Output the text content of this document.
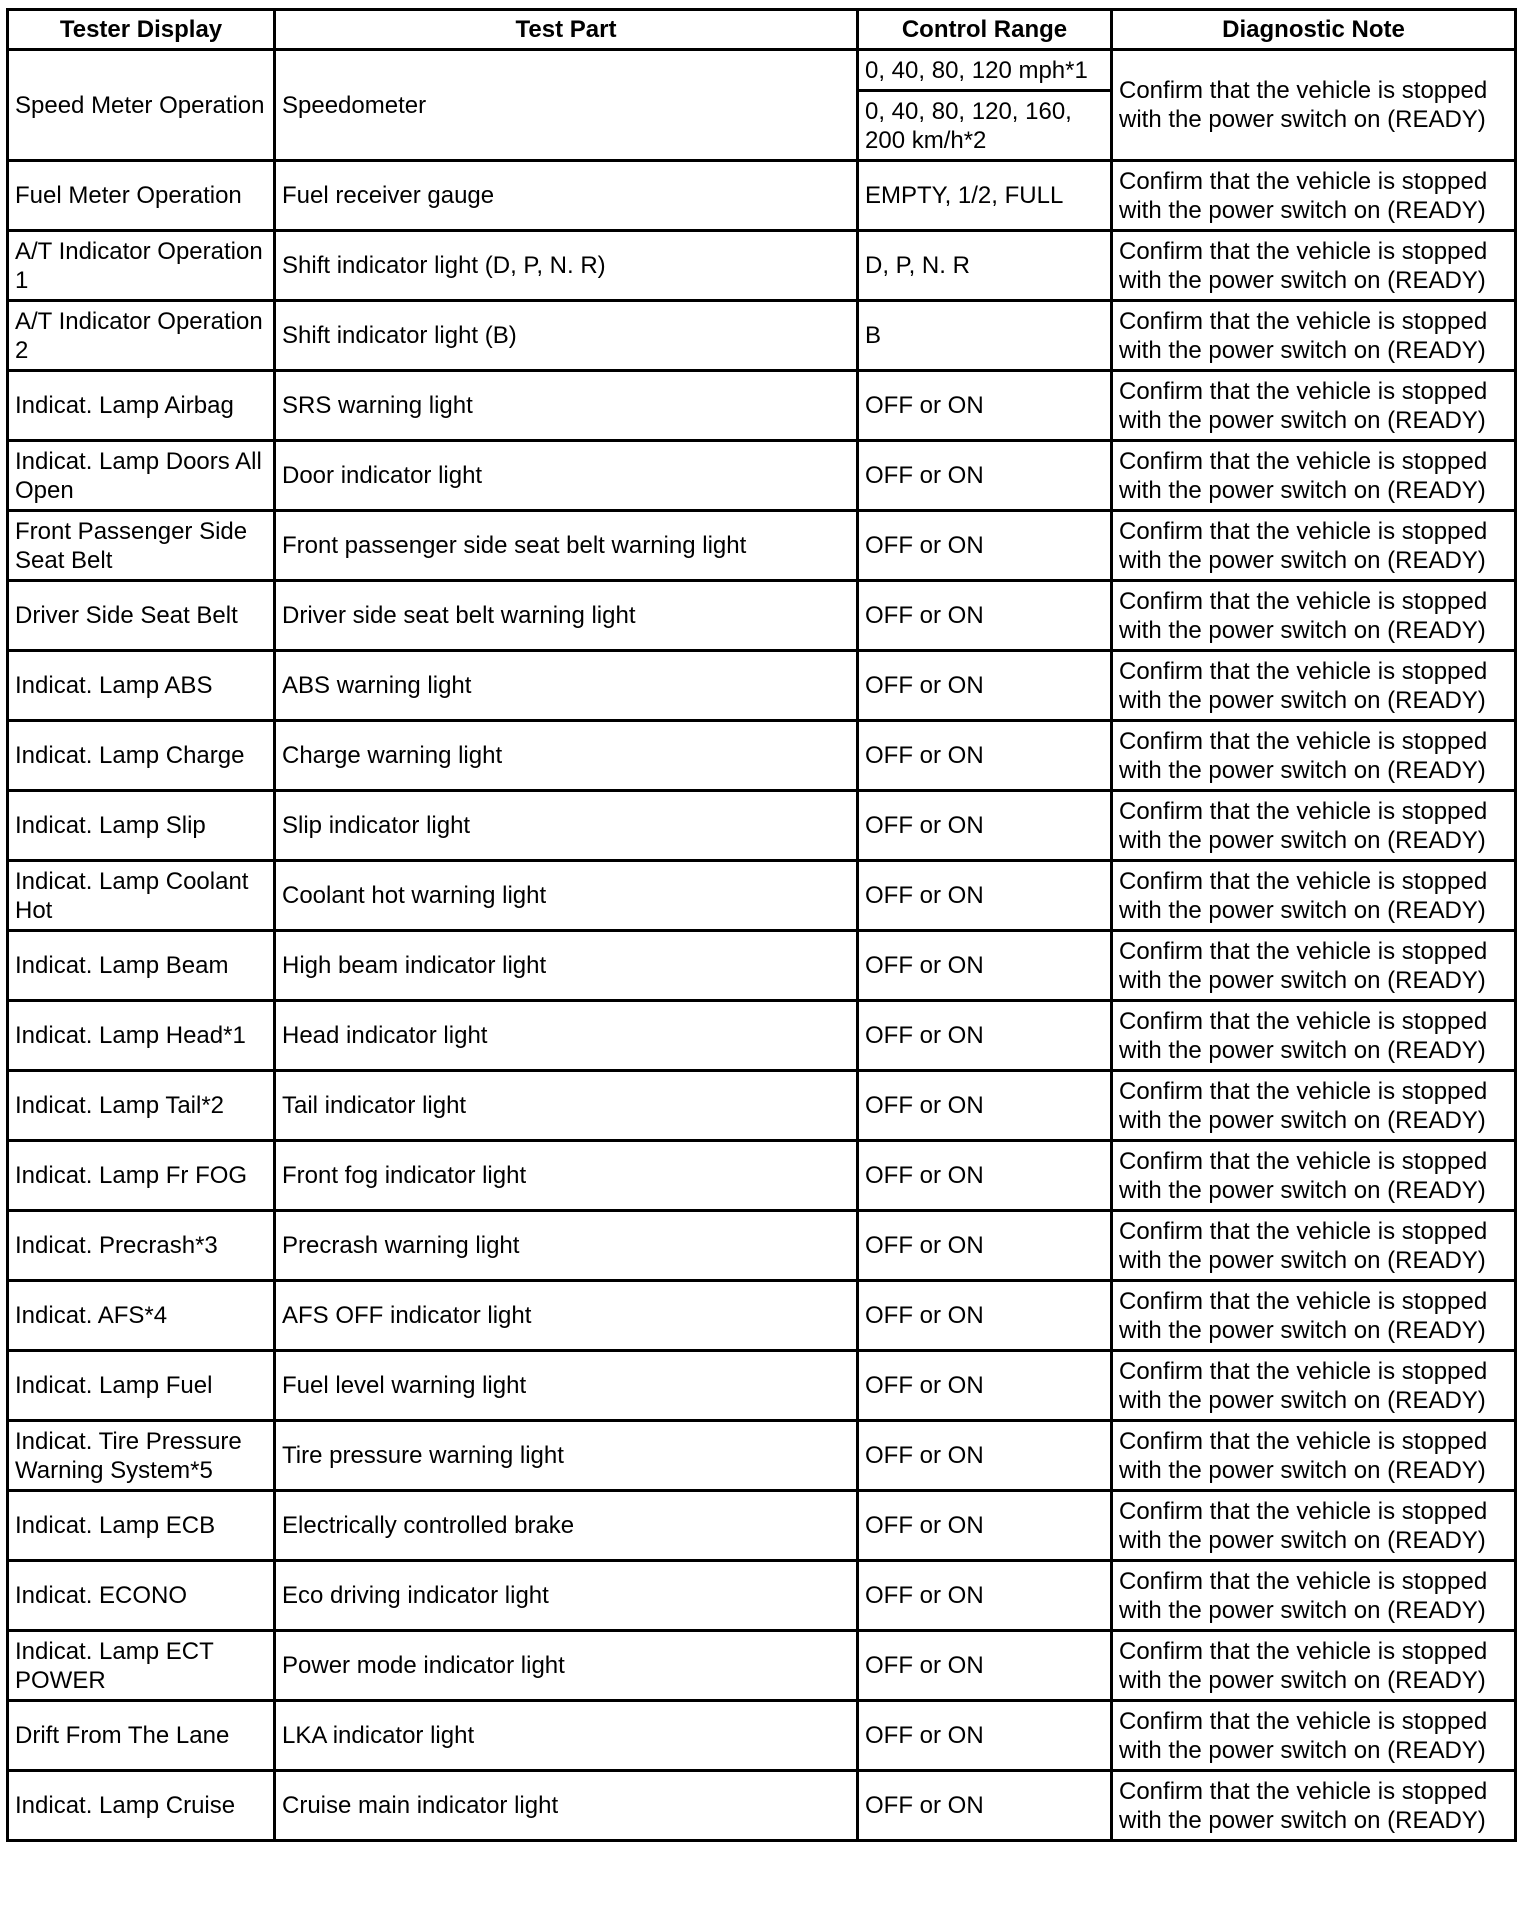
Tester Display	Test Part	Control Range	Diagnostic Note
Speed Meter Operation	Speedometer	0, 40, 80, 120 mph*1	Confirm that the vehicle is stopped with the power switch on (READY)
		0, 40, 80, 120, 160, 200 km/h*2	
Fuel Meter Operation	Fuel receiver gauge	EMPTY, 1/2, FULL	Confirm that the vehicle is stopped with the power switch on (READY)
A/T Indicator Operation 1	Shift indicator light (D, P, N. R)	D, P, N. R	Confirm that the vehicle is stopped with the power switch on (READY)
A/T Indicator Operation 2	Shift indicator light (B)	B	Confirm that the vehicle is stopped with the power switch on (READY)
Indicat. Lamp Airbag	SRS warning light	OFF or ON	Confirm that the vehicle is stopped with the power switch on (READY)
Indicat. Lamp Doors All Open	Door indicator light	OFF or ON	Confirm that the vehicle is stopped with the power switch on (READY)
Front Passenger Side Seat Belt	Front passenger side seat belt warning light	OFF or ON	Confirm that the vehicle is stopped with the power switch on (READY)
Driver Side Seat Belt	Driver side seat belt warning light	OFF or ON	Confirm that the vehicle is stopped with the power switch on (READY)
Indicat. Lamp ABS	ABS warning light	OFF or ON	Confirm that the vehicle is stopped with the power switch on (READY)
Indicat. Lamp Charge	Charge warning light	OFF or ON	Confirm that the vehicle is stopped with the power switch on (READY)
Indicat. Lamp Slip	Slip indicator light	OFF or ON	Confirm that the vehicle is stopped with the power switch on (READY)
Indicat. Lamp Coolant Hot	Coolant hot warning light	OFF or ON	Confirm that the vehicle is stopped with the power switch on (READY)
Indicat. Lamp Beam	High beam indicator light	OFF or ON	Confirm that the vehicle is stopped with the power switch on (READY)
Indicat. Lamp Head*1	Head indicator light	OFF or ON	Confirm that the vehicle is stopped with the power switch on (READY)
Indicat. Lamp Tail*2	Tail indicator light	OFF or ON	Confirm that the vehicle is stopped with the power switch on (READY)
Indicat. Lamp Fr FOG	Front fog indicator light	OFF or ON	Confirm that the vehicle is stopped with the power switch on (READY)
Indicat. Precrash*3	Precrash warning light	OFF or ON	Confirm that the vehicle is stopped with the power switch on (READY)
Indicat. AFS*4	AFS OFF indicator light	OFF or ON	Confirm that the vehicle is stopped with the power switch on (READY)
Indicat. Lamp Fuel	Fuel level warning light	OFF or ON	Confirm that the vehicle is stopped with the power switch on (READY)
Indicat. Tire Pressure Warning System*5	Tire pressure warning light	OFF or ON	Confirm that the vehicle is stopped with the power switch on (READY)
Indicat. Lamp ECB	Electrically controlled brake	OFF or ON	Confirm that the vehicle is stopped with the power switch on (READY)
Indicat. ECONO	Eco driving indicator light	OFF or ON	Confirm that the vehicle is stopped with the power switch on (READY)
Indicat. Lamp ECT POWER	Power mode indicator light	OFF or ON	Confirm that the vehicle is stopped with the power switch on (READY)
Drift From The Lane	LKA indicator light	OFF or ON	Confirm that the vehicle is stopped with the power switch on (READY)
Indicat. Lamp Cruise	Cruise main indicator light	OFF or ON	Confirm that the vehicle is stopped with the power switch on (READY)
